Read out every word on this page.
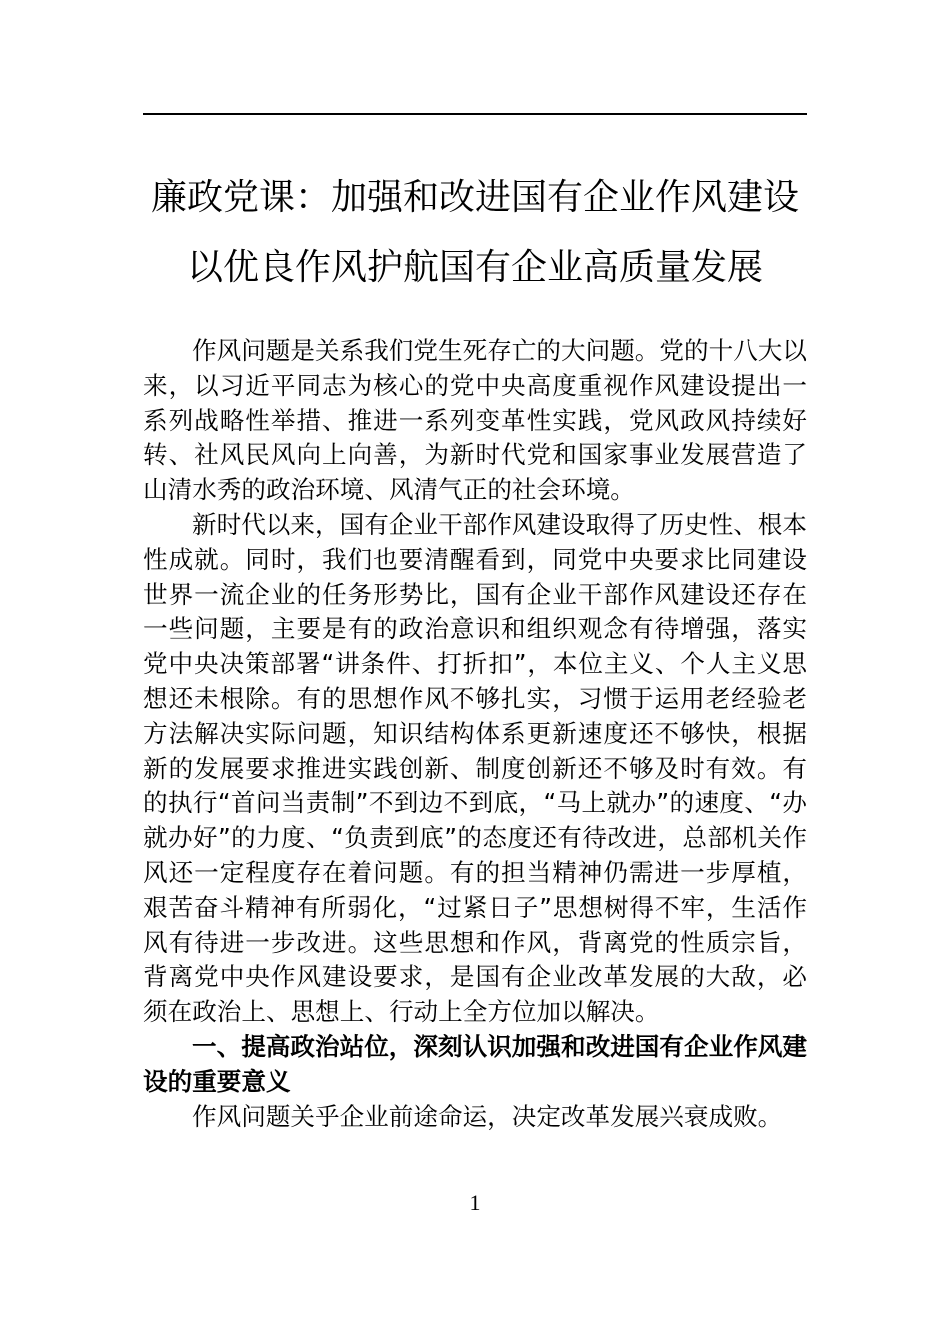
廉政党课：加强和改进国有企业作风建设
以优良作风护航国有企业高质量发展

作风问题是关系我们党生死存亡的大问题。党的十八大以来，以习近平同志为核心的党中央高度重视作风建设提出一系列战略性举措、推进一系列变革性实践，党风政风持续好转、社风民风向上向善，为新时代党和国家事业发展营造了山清水秀的政治环境、风清气正的社会环境。

新时代以来，国有企业干部作风建设取得了历史性、根本性成就。同时，我们也要清醒看到，同党中央要求比同建设世界一流企业的任务形势比，国有企业干部作风建设还存在一些问题，主要是有的政治意识和组织观念有待增强，落实党中央决策部署“讲条件、打折扣”，本位主义、个人主义思想还未根除。有的思想作风不够扎实，习惯于运用老经验老方法解决实际问题，知识结构体系更新速度还不够快，根据新的发展要求推进实践创新、制度创新还不够及时有效。有的执行“首问当责制”不到边不到底，“马上就办”的速度、“办就办好”的力度、“负责到底”的态度还有待改进，总部机关作风还一定程度存在着问题。有的担当精神仍需进一步厚植，艰苦奋斗精神有所弱化，“过紧日子”思想树得不牢，生活作风有待进一步改进。这些思想和作风，背离党的性质宗旨，背离党中央作风建设要求，是国有企业改革发展的大敌，必须在政治上、思想上、行动上全方位加以解决。

一、提高政治站位，深刻认识加强和改进国有企业作风建设的重要意义

作风问题关乎企业前途命运，决定改革发展兴衰成败。

1
